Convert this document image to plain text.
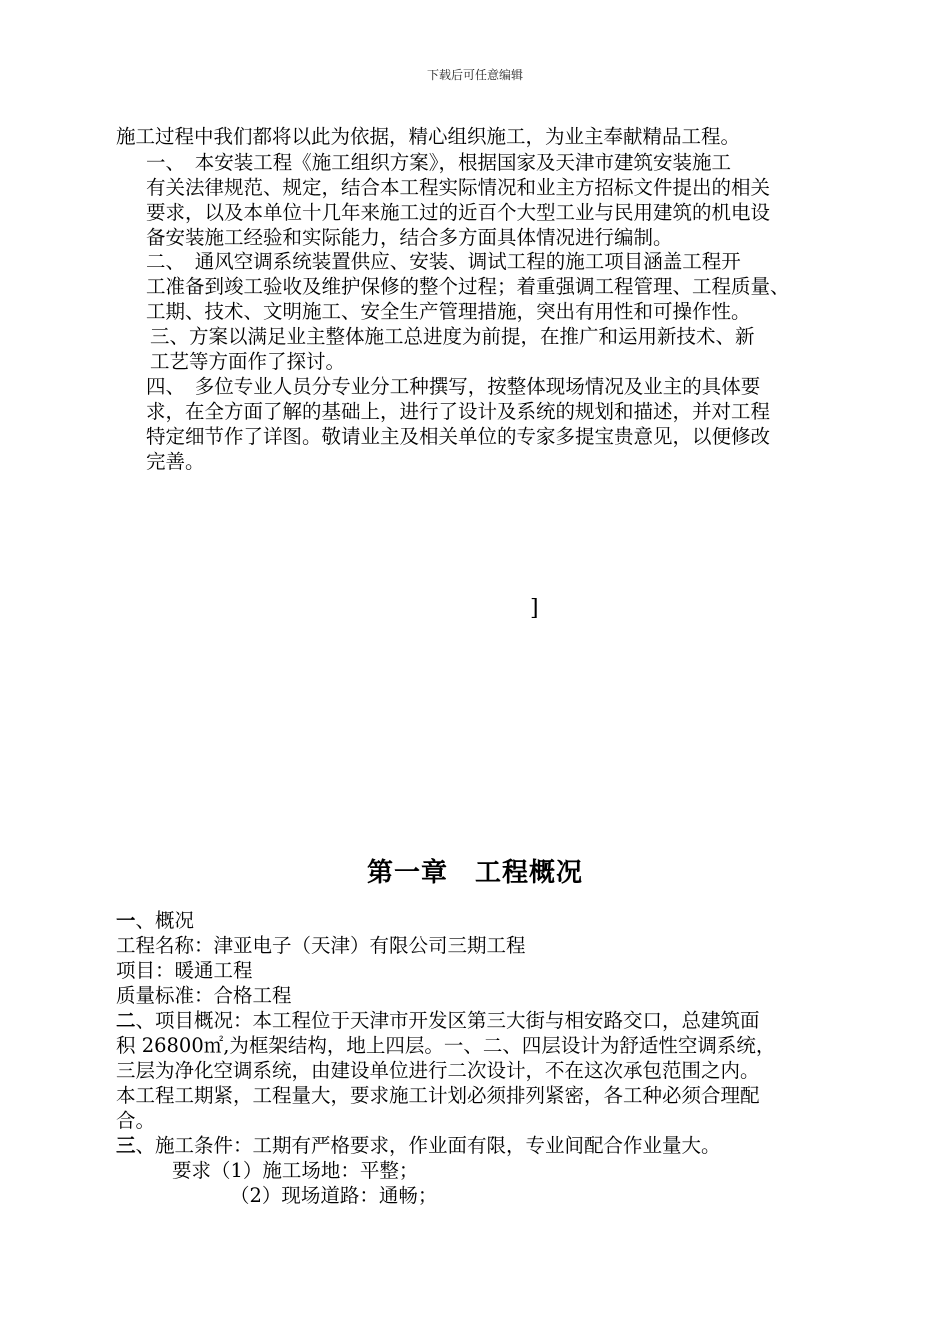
下载后可任意编辑
施工过程中我们都将以此为依据，精心组织施工，为业主奉献精品工程。
一、　本安装工程《施工组织方案》，根据国家及天津市建筑安装施工
有关法律规范、规定，结合本工程实际情况和业主方招标文件提出的相关
要求，以及本单位十几年来施工过的近百个大型工业与民用建筑的机电设
备安装施工经验和实际能力，结合多方面具体情况进行编制。
二、　通风空调系统装置供应、安装、调试工程的施工项目涵盖工程开
工准备到竣工验收及维护保修的整个过程；着重强调工程管理、工程质量、
工期、技术、文明施工、安全生产管理措施，突出有用性和可操作性。
三、方案以满足业主整体施工总进度为前提，在推广和运用新技术、新
工艺等方面作了探讨。
四、　多位专业人员分专业分工种撰写，按整体现场情况及业主的具体要
求，在全方面了解的基础上，进行了设计及系统的规划和描述，并对工程
特定细节作了详图。敬请业主及相关单位的专家多提宝贵意见，以便修改
完善。
]
第一章　工程概况
一、概况
工程名称：津亚电子（天津）有限公司三期工程
项目：暖通工程
质量标准：合格工程
二、项目概况：本工程位于天津市开发区第三大街与相安路交口，总建筑面
积 26800㎡,为框架结构，地上四层。一、二、四层设计为舒适性空调系统，
三层为净化空调系统，由建设单位进行二次设计，不在这次承包范围之内。
本工程工期紧，工程量大，要求施工计划必须排列紧密，各工种必须合理配
合。
三、施工条件：工期有严格要求，作业面有限，专业间配合作业量大。
要求（1）施工场地：平整；
（2）现场道路：通畅；
